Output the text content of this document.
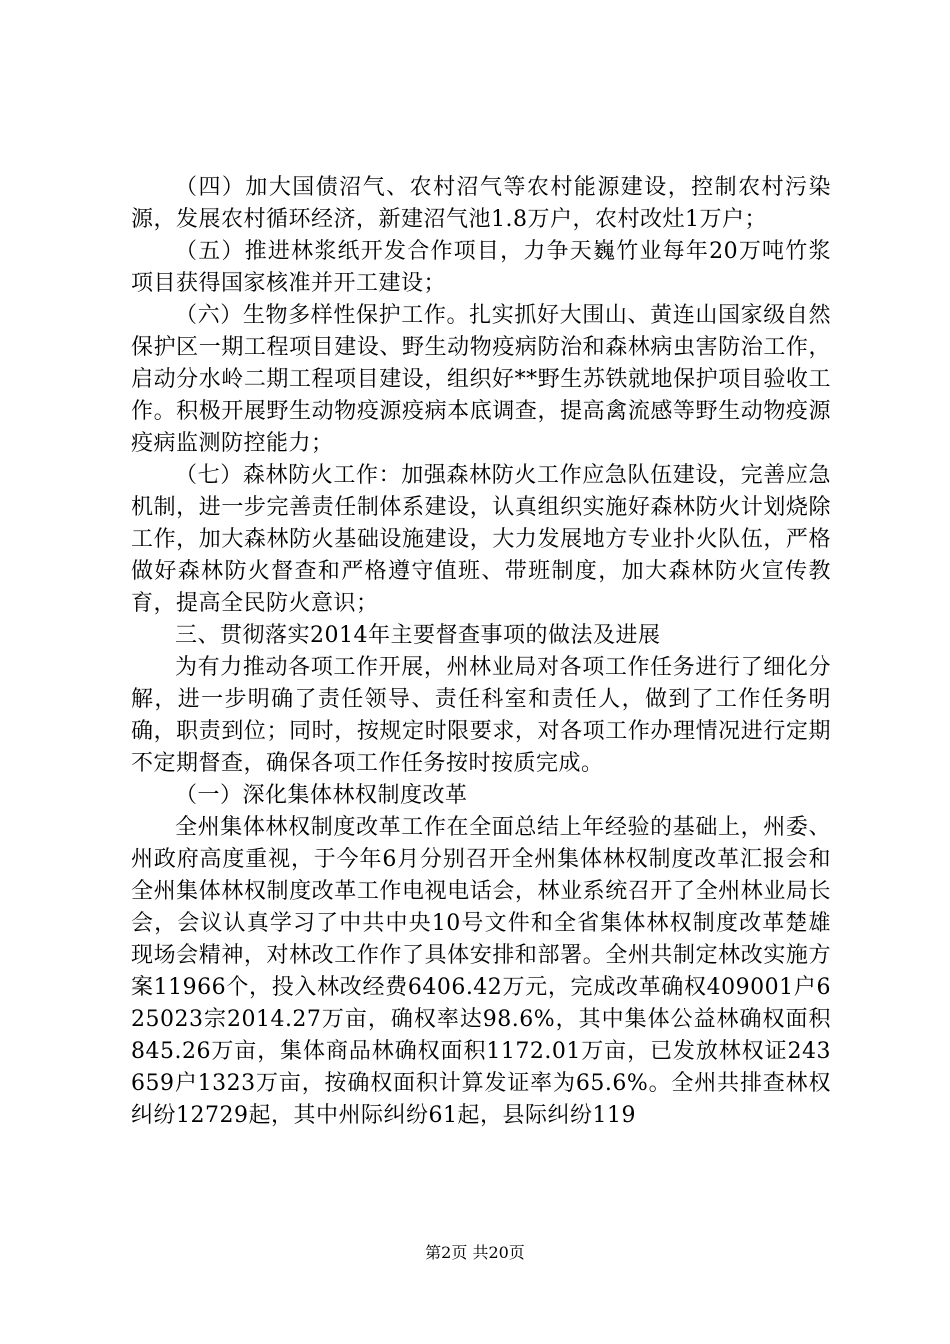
（四）加大国债沼气、农村沼气等农村能源建设，控制农村污染源，发展农村循环经济，新建沼气池1.8万户，农村改灶1万户；

（五）推进林浆纸开发合作项目，力争天巍竹业每年20万吨竹浆项目获得国家核准并开工建设；

（六）生物多样性保护工作。扎实抓好大围山、黄连山国家级自然保护区一期工程项目建设、野生动物疫病防治和森林病虫害防治工作，启动分水岭二期工程项目建设，组织好**野生苏铁就地保护项目验收工作。积极开展野生动物疫源疫病本底调查，提高禽流感等野生动物疫源疫病监测防控能力；

（七）森林防火工作：加强森林防火工作应急队伍建设，完善应急机制，进一步完善责任制体系建设，认真组织实施好森林防火计划烧除工作，加大森林防火基础设施建设，大力发展地方专业扑火队伍，严格做好森林防火督查和严格遵守值班、带班制度，加大森林防火宣传教育，提高全民防火意识；

三、贯彻落实2014年主要督查事项的做法及进展

为有力推动各项工作开展，州林业局对各项工作任务进行了细化分解，进一步明确了责任领导、责任科室和责任人，做到了工作任务明确，职责到位；同时，按规定时限要求，对各项工作办理情况进行定期不定期督查，确保各项工作任务按时按质完成。

（一）深化集体林权制度改革

全州集体林权制度改革工作在全面总结上年经验的基础上，州委、州政府高度重视，于今年6月分别召开全州集体林权制度改革汇报会和全州集体林权制度改革工作电视电话会，林业系统召开了全州林业局长会，会议认真学习了中共中央10号文件和全省集体林权制度改革楚雄现场会精神，对林改工作作了具体安排和部署。全州共制定林改实施方案11966个，投入林改经费6406.42万元，完成改革确权409001户625023宗2014.27万亩，确权率达98.6%，其中集体公益林确权面积845.26万亩，集体商品林确权面积1172.01万亩，已发放林权证243659户1323万亩，按确权面积计算发证率为65.6%。全州共排查林权纠纷12729起，其中州际纠纷61起，县际纠纷119

第2页 共20页
